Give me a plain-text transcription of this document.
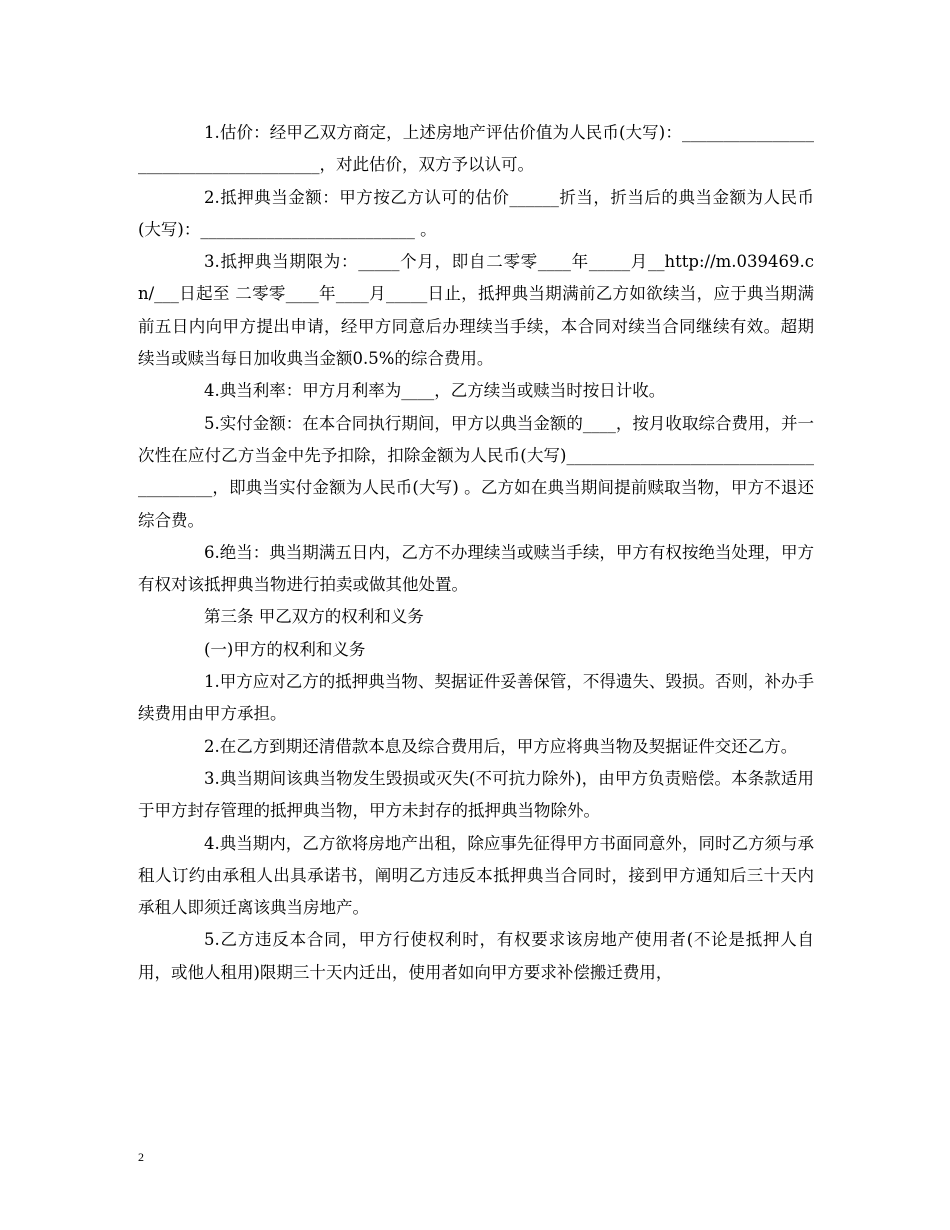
1.估价：经甲乙双方商定，上述房地产评估价值为人民币(大写)：______________________________________，对此估价，双方予以认可。

2.抵押典当金额：甲方按乙方认可的估价______折当，折当后的典当金额为人民币(大写)：__________________________ 。

3.抵押典当期限为：_____个月，即自二零零____年_____月__http://m.039469.cn/___日起至 二零零____年____月_____日止，抵押典当期满前乙方如欲续当，应于典当期满前五日内向甲方提出申请，经甲方同意后办理续当手续，本合同对续当合同继续有效。超期续当或赎当每日加收典当金额0.5%的综合费用。

4.典当利率：甲方月利率为____，乙方续当或赎当时按日计收。

5.实付金额：在本合同执行期间，甲方以典当金额的____，按月收取综合费用，并一次性在应付乙方当金中先予扣除，扣除金额为人民币(大写)_______________________________________，即典当实付金额为人民币(大写) 。乙方如在典当期间提前赎取当物，甲方不退还综合费。

6.绝当：典当期满五日内，乙方不办理续当或赎当手续，甲方有权按绝当处理，甲方有权对该抵押典当物进行拍卖或做其他处置。

第三条 甲乙双方的权利和义务

(一)甲方的权利和义务

1.甲方应对乙方的抵押典当物、契据证件妥善保管，不得遗失、毁损。否则，补办手续费用由甲方承担。

2.在乙方到期还清借款本息及综合费用后，甲方应将典当物及契据证件交还乙方。

3.典当期间该典当物发生毁损或灭失(不可抗力除外)，由甲方负责赔偿。本条款适用于甲方封存管理的抵押典当物，甲方未封存的抵押典当物除外。

4.典当期内，乙方欲将房地产出租，除应事先征得甲方书面同意外，同时乙方须与承租人订约由承租人出具承诺书，阐明乙方违反本抵押典当合同时，接到甲方通知后三十天内承租人即须迁离该典当房地产。

5.乙方违反本合同，甲方行使权利时，有权要求该房地产使用者(不论是抵押人自用，或他人租用)限期三十天内迁出，使用者如向甲方要求补偿搬迁费用，

2
